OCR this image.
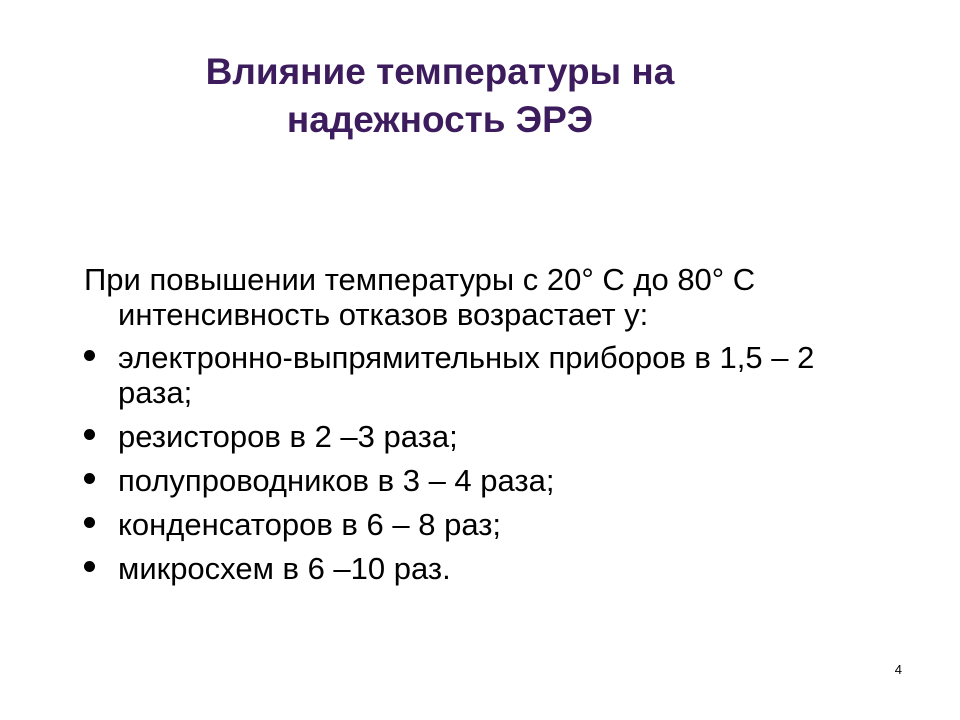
Влияние температуры на
надежность ЭРЭ

При повышении температуры с 20° С до 80° С интенсивность отказов возрастает у:

электронно-выпрямительных приборов в 1,5 – 2 раза;
резисторов в 2 –3 раза;
полупроводников в 3 – 4 раза;
конденсаторов в 6 – 8 раз;
микросхем в 6 –10 раз.
4
